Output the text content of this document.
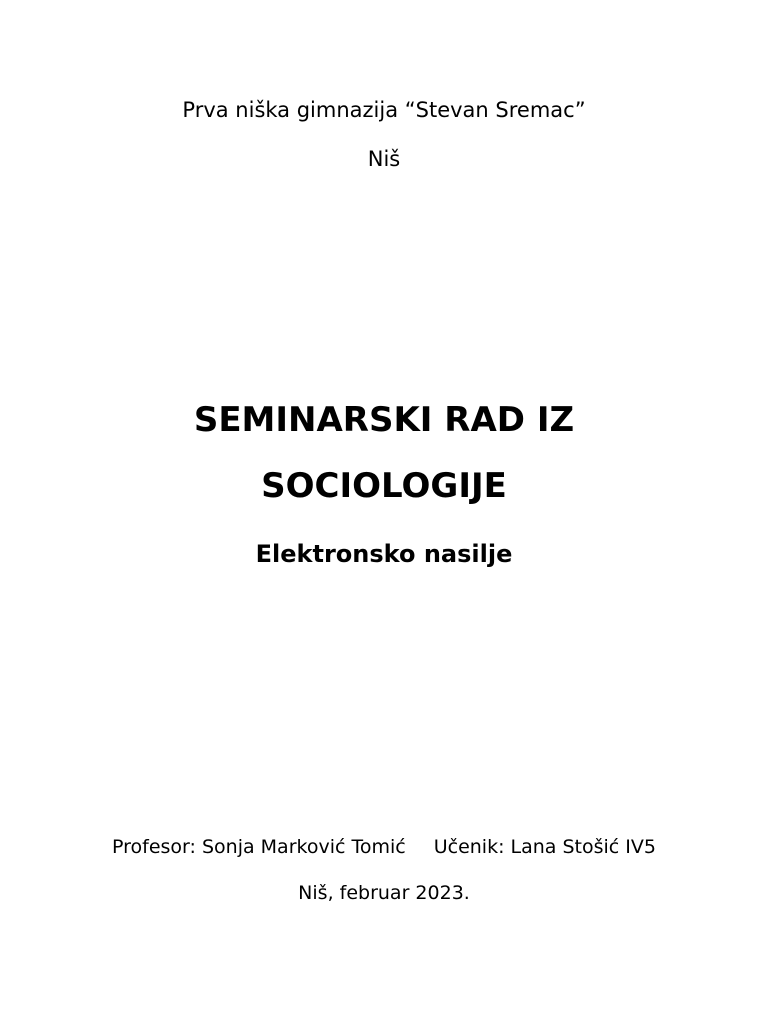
Prva niška gimnazija “Stevan Sremac”
Niš
SEMINARSKI RAD IZ
SOCIOLOGIJE
Elektronsko nasilje
Profesor: Sonja Marković Tomić Učenik: Lana Stošić IV5
Niš, februar 2023.
